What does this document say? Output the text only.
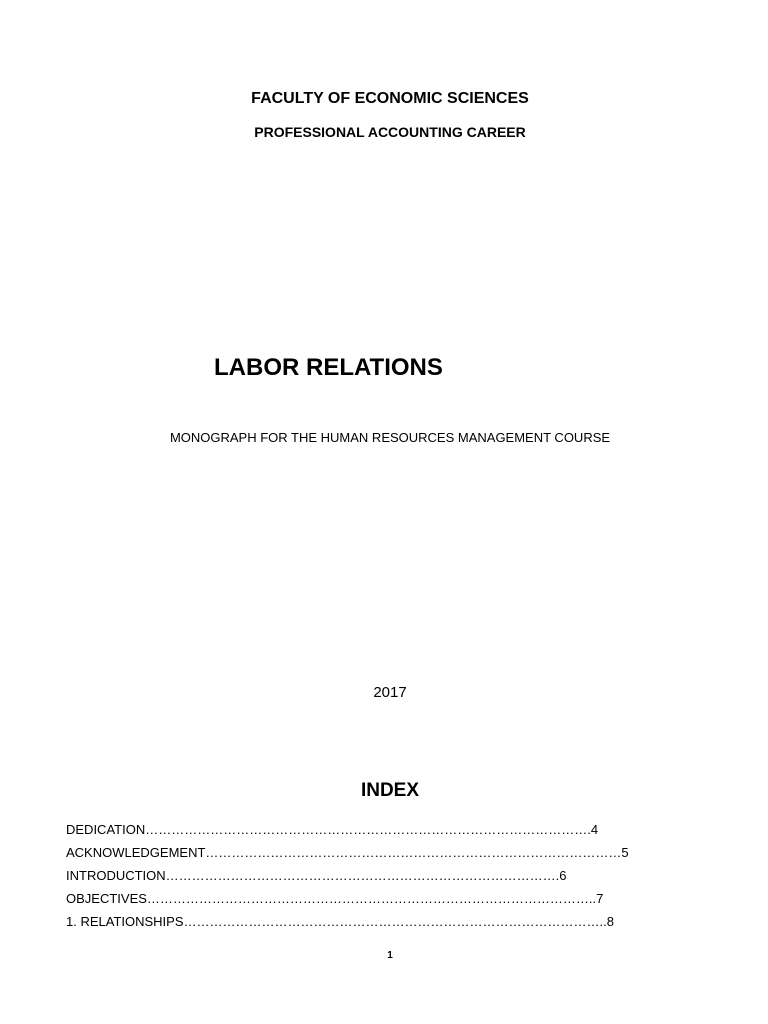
FACULTY OF ECONOMIC SCIENCES
PROFESSIONAL ACCOUNTING CAREER
LABOR RELATIONS
MONOGRAPH FOR THE HUMAN RESOURCES MANAGEMENT COURSE
2017
INDEX
DEDICATION………………………………………………………………………………………….4
ACKNOWLEDGEMENT……………………………………………………………………………………5
INTRODUCTION……………………………………………………………………………….6
OBJECTIVES…………………………………………………………………………………………..7
1. RELATIONSHIPS……………………………………………………………………………………..8
1
